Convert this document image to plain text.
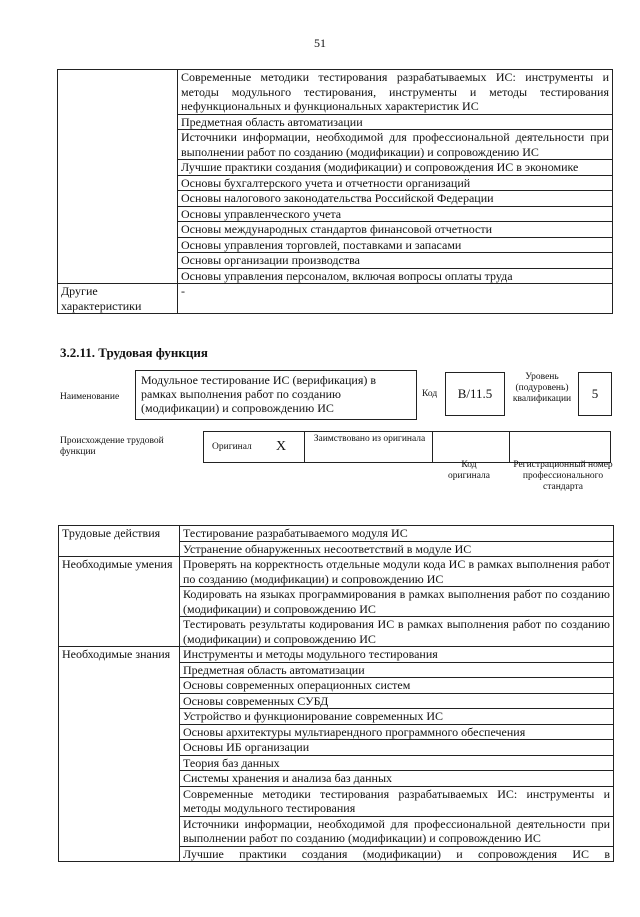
51
	Современные методики тестирования разрабатываемых ИС: инструменты и методы модульного тестирования, инструменты и методы тестирования нефункциональных и функциональных характеристик ИС
	Предметная область автоматизации
	Источники информации, необходимой для профессиональной деятельности при выполнении работ по созданию (модификации) и сопровождению ИС
	Лучшие практики создания (модификации) и сопровождения ИС в экономике
	Основы бухгалтерского учета и отчетности организаций
	Основы налогового законодательства Российской Федерации
	Основы управленческого учета
	Основы международных стандартов финансовой отчетности
	Основы управления торговлей, поставками и запасами
	Основы организации производства
	Основы управления персоналом, включая вопросы оплаты труда
Другие характеристики	-
3.2.11. Трудовая функция
Наименование
Модульное тестирование ИС (верификация) в рамках выполнения работ по созданию (модификации) и сопровождению ИС
Код	B/11.5
Уровень (подуровень) квалификации	5
Происхождение трудовой функции	Оригинал X	Заимствовано из оригинала
Код оригинала
Регистрационный номер профессионального стандарта
Трудовые действия	Тестирование разрабатываемого модуля ИС
	Устранение обнаруженных несоответствий в модуле ИС
Необходимые умения	Проверять на корректность отдельные модули кода ИС в рамках выполнения работ по созданию (модификации) и сопровождению ИС
	Кодировать на языках программирования в рамках выполнения работ по созданию (модификации) и сопровождению ИС
	Тестировать результаты кодирования ИС в рамках выполнения работ по созданию (модификации) и сопровождению ИС
Необходимые знания	Инструменты и методы модульного тестирования
	Предметная область автоматизации
	Основы современных операционных систем
	Основы современных СУБД
	Устройство и функционирование современных ИС
	Основы архитектуры мультиарендного программного обеспечения
	Основы ИБ организации
	Теория баз данных
	Системы хранения и анализа баз данных
	Современные методики тестирования разрабатываемых ИС: инструменты и методы модульного тестирования
	Источники информации, необходимой для профессиональной деятельности при выполнении работ по созданию (модификации) и сопровождению ИС
	Лучшие практики создания (модификации) и сопровождения ИС в
